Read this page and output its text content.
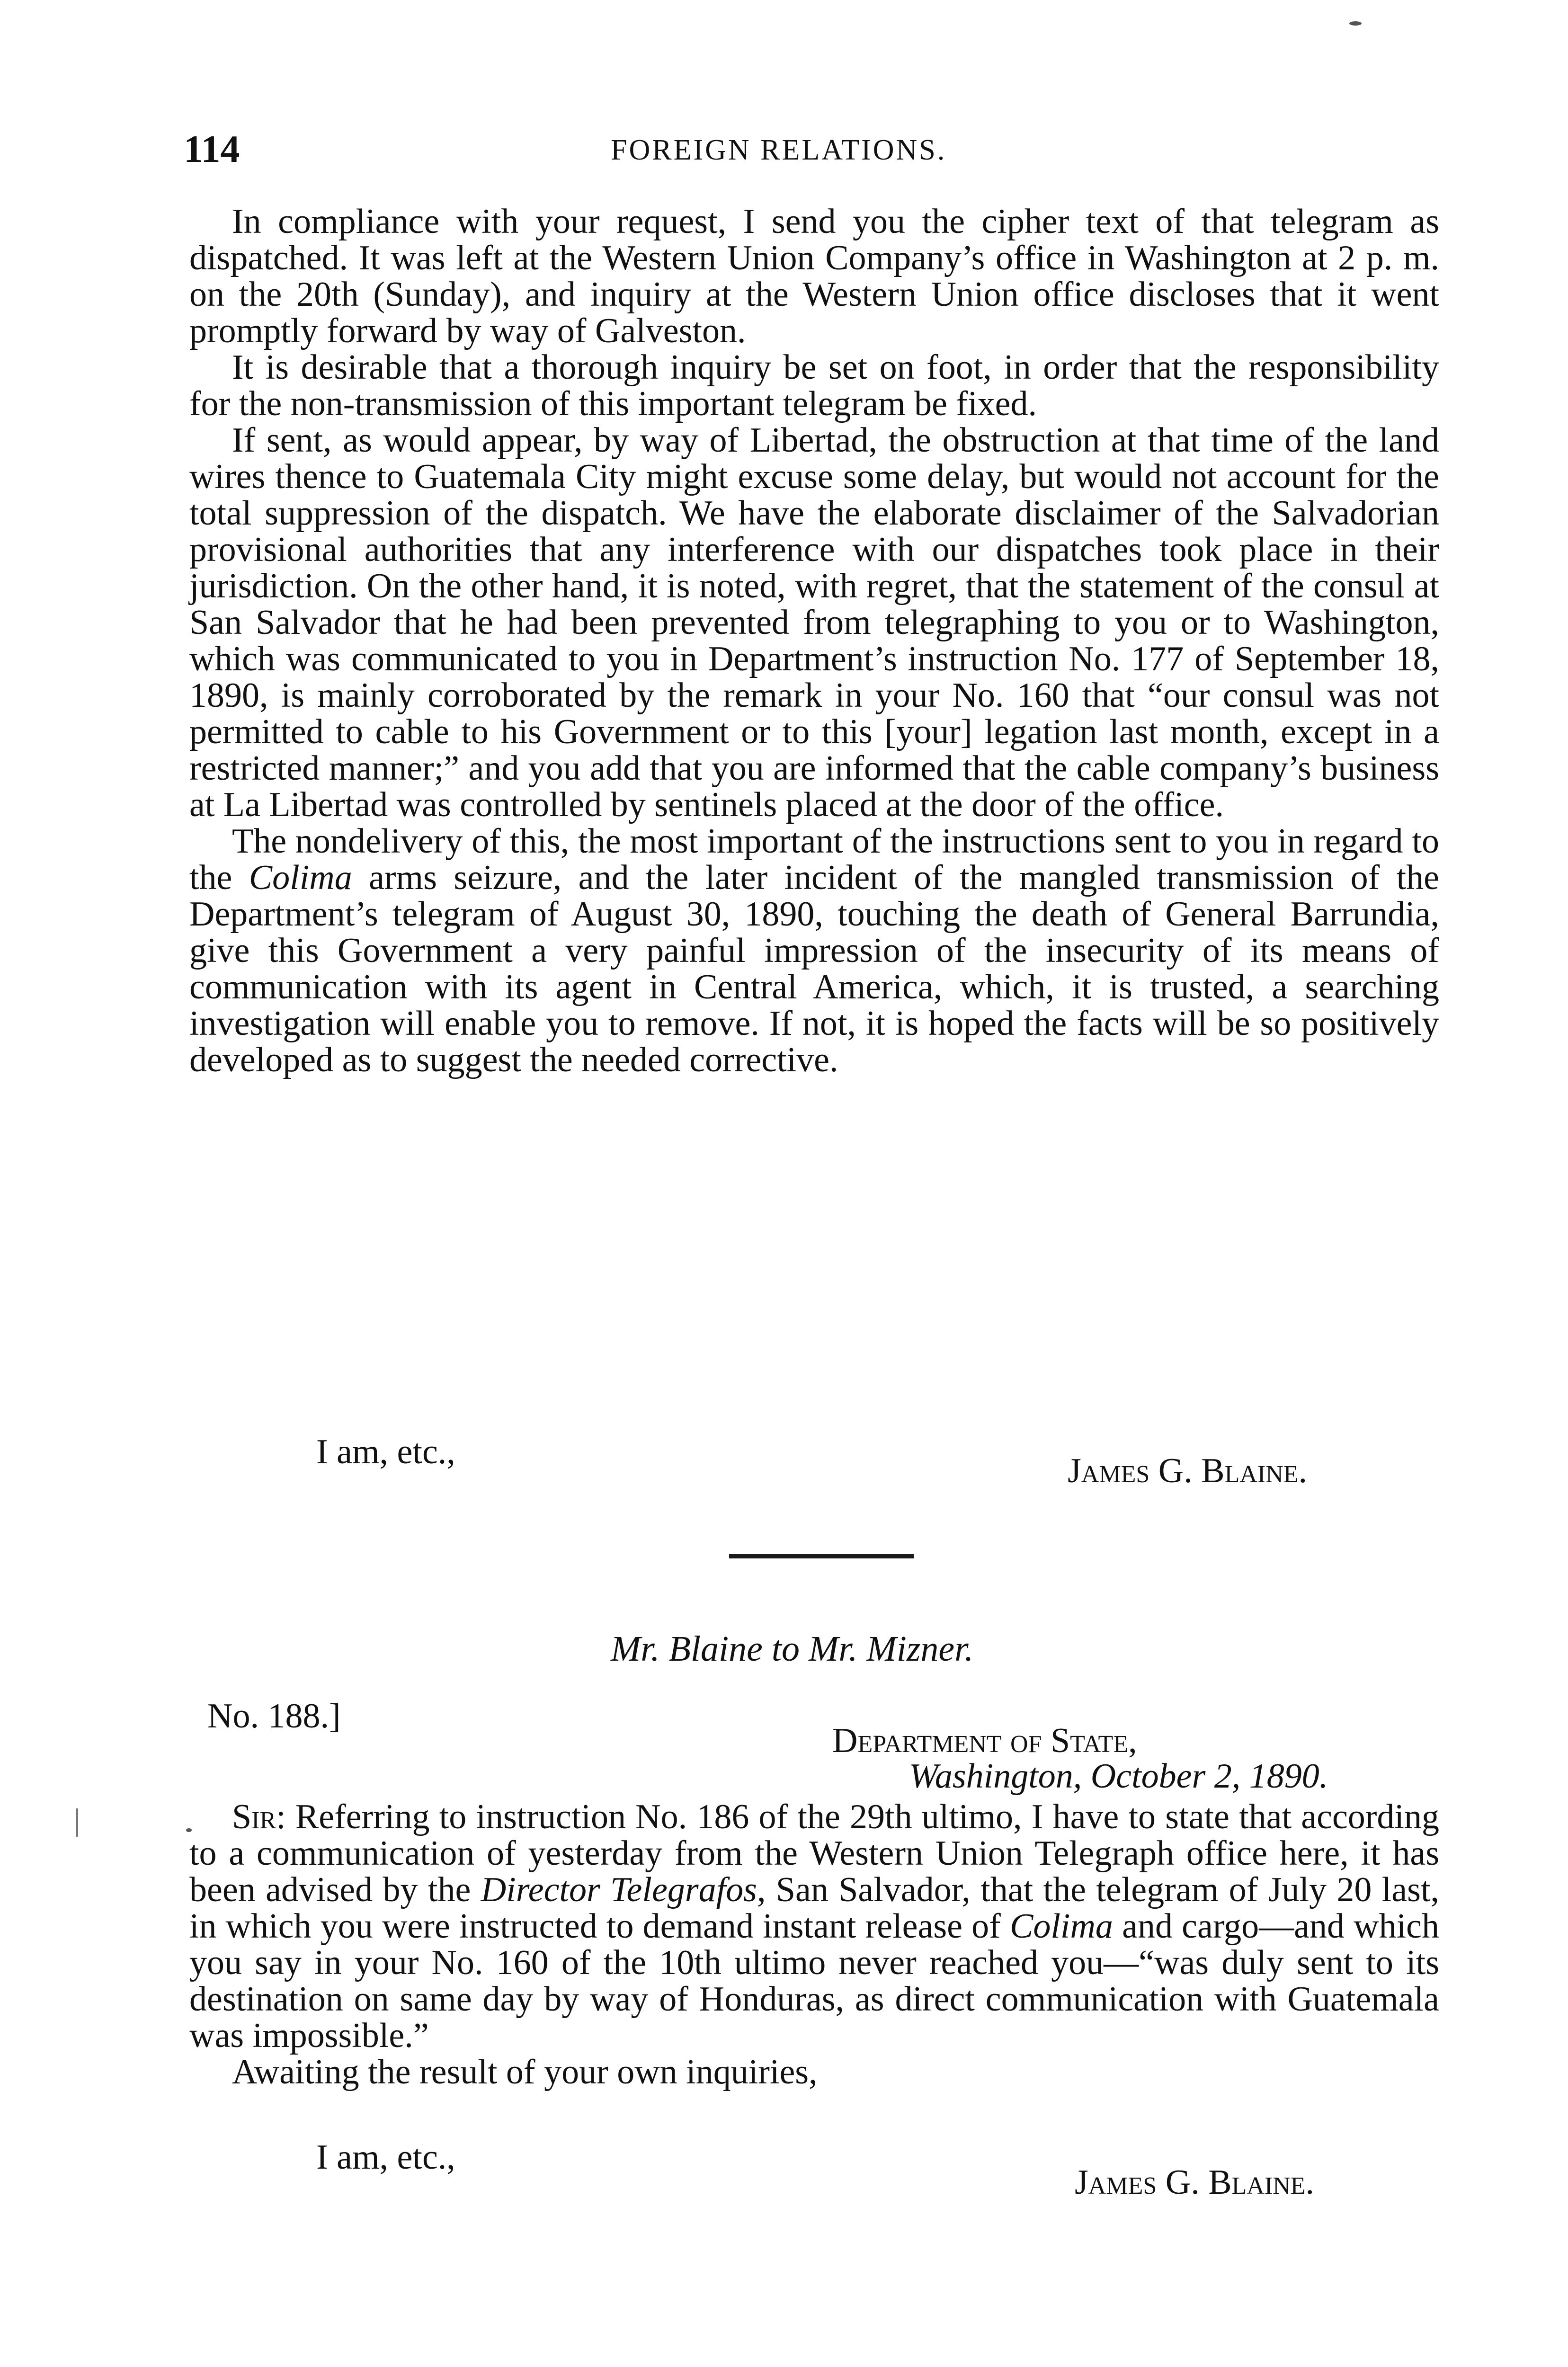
114	FOREIGN RELATIONS.

In compliance with your request, I send you the cipher text of that telegram as dispatched. It was left at the Western Union Company’s office in Washington at 2 p. m. on the 20th (Sunday), and inquiry at the Western Union office discloses that it went promptly forward by way of Galveston.

It is desirable that a thorough inquiry be set on foot, in order that the responsibility for the non-transmission of this important telegram be fixed.

If sent, as would appear, by way of Libertad, the obstruction at that time of the land wires thence to Guatemala City might excuse some delay, but would not account for the total suppression of the dispatch. We have the elaborate disclaimer of the Salvadorian provisional authorities that any interference with our dispatches took place in their jurisdiction. On the other hand, it is noted, with regret, that the statement of the consul at San Salvador that he had been prevented from telegraphing to you or to Washington, which was communicated to you in Department’s instruction No. 177 of September 18, 1890, is mainly corroborated by the remark in your No. 160 that “our consul was not permitted to cable to his Government or to this [your] legation last month, except in a restricted manner;” and you add that you are informed that the cable company’s business at La Libertad was controlled by sentinels placed at the door of the office.

The nondelivery of this, the most important of the instructions sent to you in regard to the Colima arms seizure, and the later incident of the mangled transmission of the Department’s telegram of August 30, 1890, touching the death of General Barrundia, give this Government a very painful impression of the insecurity of its means of communication with its agent in Central America, which, it is trusted, a searching investigation will enable you to remove. If not, it is hoped the facts will be so positively developed as to suggest the needed corrective.

I am, etc.,	James G. Blaine.
Mr. Blaine to Mr. Mizner.
No. 188.]
Department of State,
Washington, October 2, 1890.

Sir: Referring to instruction No. 186 of the 29th ultimo, I have to state that according to a communication of yesterday from the Western Union Telegraph office here, it has been advised by the Director Telegrafos, San Salvador, that the telegram of July 20 last, in which you were instructed to demand instant release of Colima and cargo—and which you say in your No. 160 of the 10th ultimo never reached you—“was duly sent to its destination on same day by way of Honduras, as direct communication with Guatemala was impossible.”

Awaiting the result of your own inquiries,

I am, etc.,
James G. Blaine.
